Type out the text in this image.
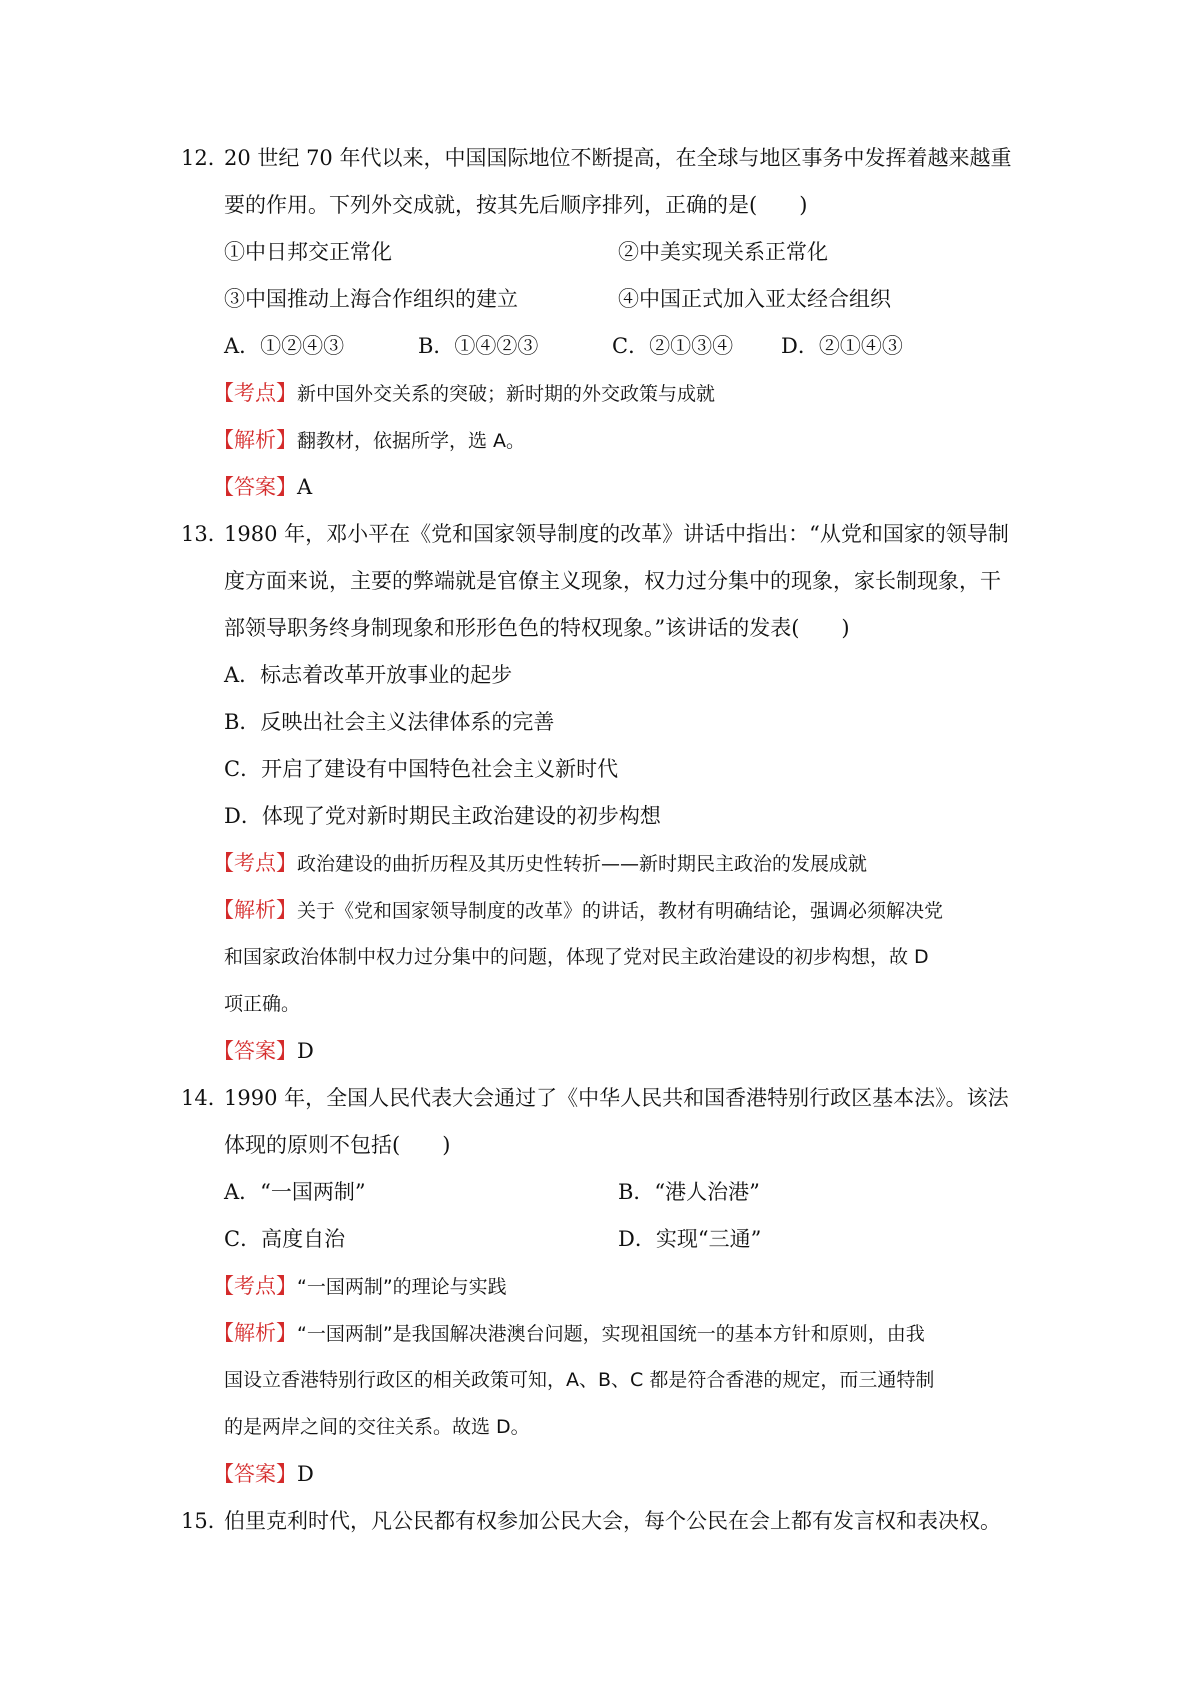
12．
20 世纪 70 年代以来，中国国际地位不断提高，在全球与地区事务中发挥着越来越重
要的作用。下列外交成就，按其先后顺序排列，正确的是(　　)
①中日邦交正常化	②中美实现关系正常化
③中国推动上海合作组织的建立	④中国正式加入亚太经合组织
A．①②④③	B．①④②③	C．②①③④ D．②①④③
【考点】新中国外交关系的突破；新时期的外交政策与成就
【解析】翻教材，依据所学，选 A。
【答案】A
13．
1980 年，邓小平在《党和国家领导制度的改革》讲话中指出：“从党和国家的领导制
度方面来说，主要的弊端就是官僚主义现象，权力过分集中的现象，家长制现象，干
部领导职务终身制现象和形形色色的特权现象。”该讲话的发表(　　)
A．标志着改革开放事业的起步
B．反映出社会主义法律体系的完善
C．开启了建设有中国特色社会主义新时代
D．体现了党对新时期民主政治建设的初步构想
【考点】政治建设的曲折历程及其历史性转折——新时期民主政治的发展成就
【解析】关于《党和国家领导制度的改革》的讲话，教材有明确结论，强调必须解决党
和国家政治体制中权力过分集中的问题，体现了党对民主政治建设的初步构想，故 D
项正确。
【答案】D
14．
1990 年，全国人民代表大会通过了《中华人民共和国香港特别行政区基本法》。该法
体现的原则不包括(　　)
A．“一国两制”	B．“港人治港”
C．高度自治	D．实现“三通”
【考点】“一国两制”的理论与实践
【解析】“一国两制”是我国解决港澳台问题，实现祖国统一的基本方针和原则，由我
国设立香港特别行政区的相关政策可知，A、B、C 都是符合香港的规定，而三通特制
的是两岸之间的交往关系。故选 D。
【答案】D
15．
伯里克利时代，凡公民都有权参加公民大会，每个公民在会上都有发言权和表决权。
